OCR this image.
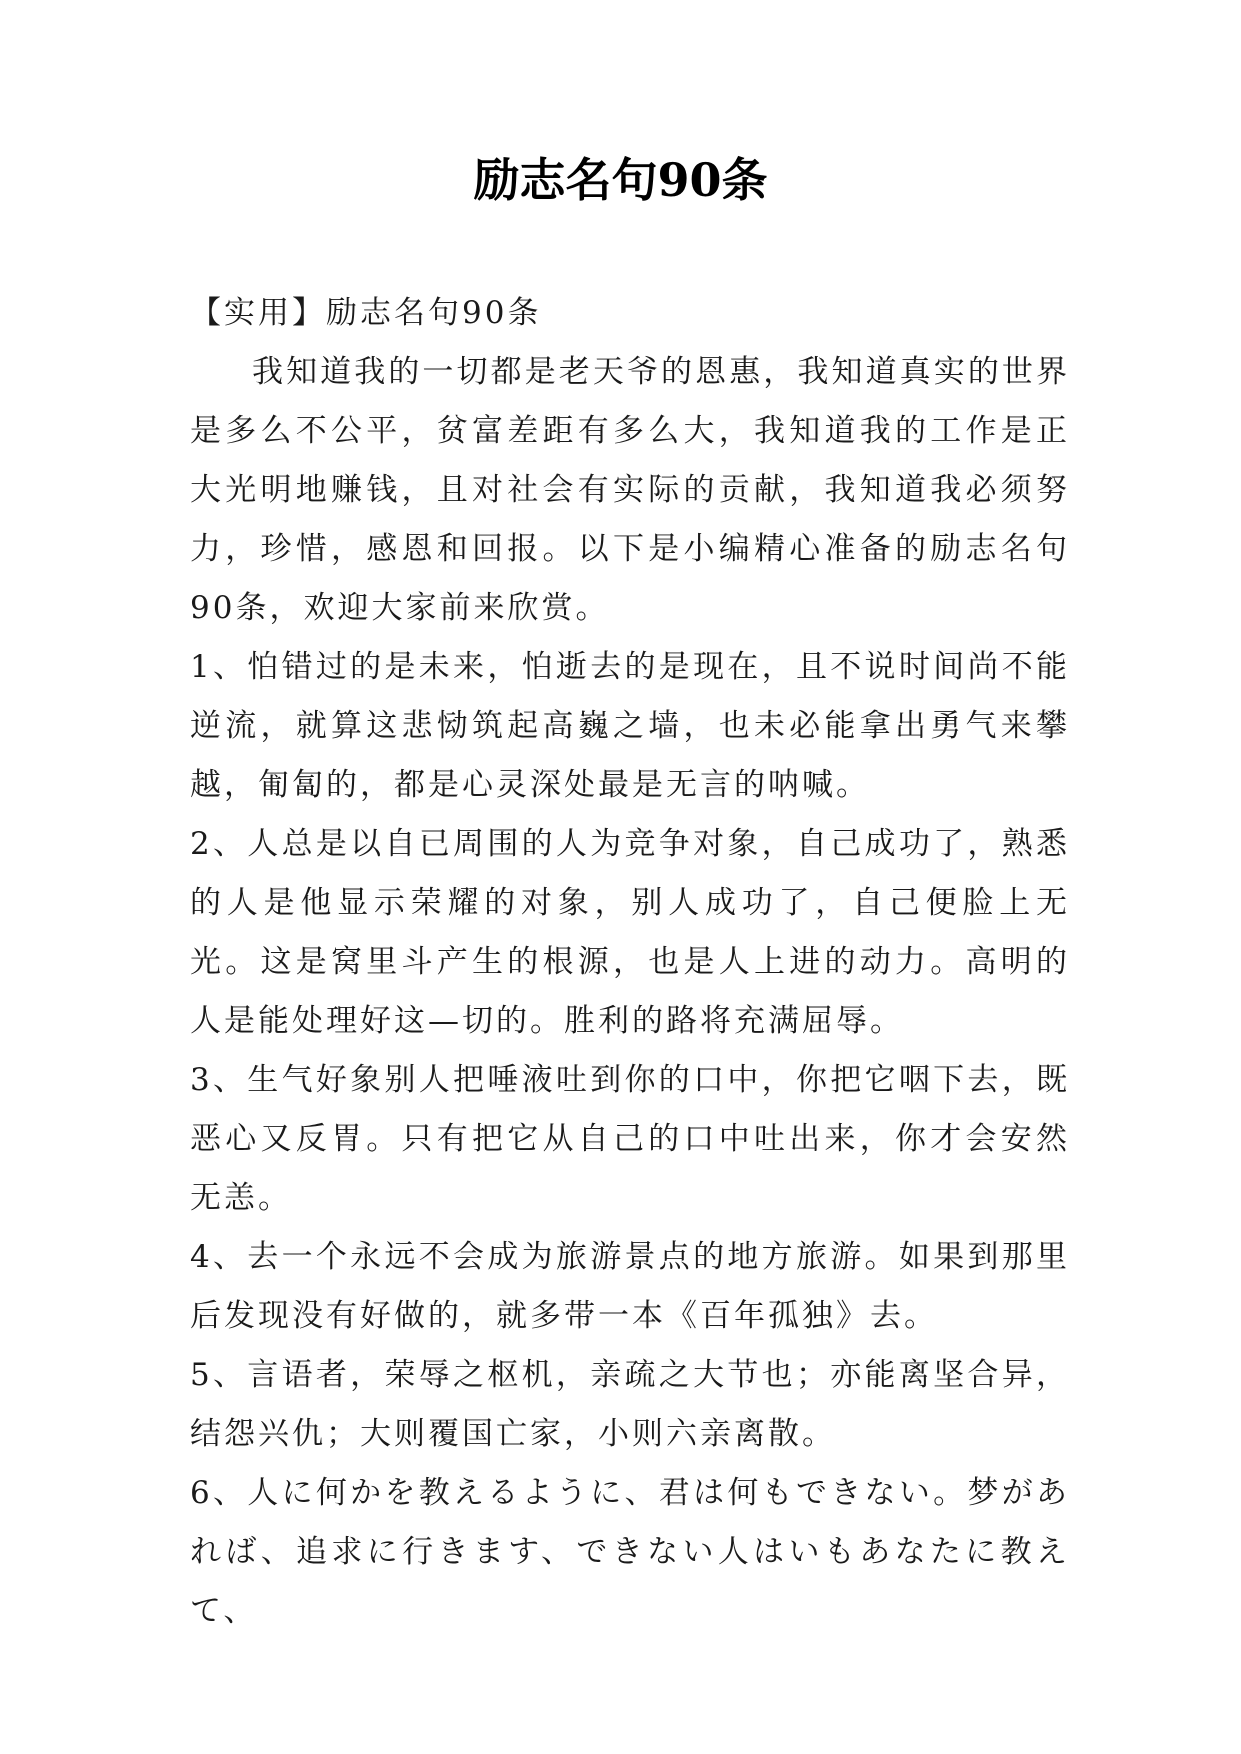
励志名句90条

【实用】励志名句90条

我知道我的一切都是老天爷的恩惠，我知道真实的世界是多么不公平，贫富差距有多么大，我知道我的工作是正大光明地赚钱，且对社会有实际的贡献，我知道我必须努力，珍惜，感恩和回报。以下是小编精心准备的励志名句90条，欢迎大家前来欣赏。

1、怕错过的是未来，怕逝去的是现在，且不说时间尚不能逆流，就算这悲恸筑起高巍之墙，也未必能拿出勇气来攀越，匍匐的，都是心灵深处最是无言的呐喊。

2、人总是以自已周围的人为竞争对象，自己成功了，熟悉的人是他显示荣耀的对象，别人成功了，自己便脸上无光。这是窝里斗产生的根源，也是人上进的动力。高明的人是能处理好这—切的。胜利的路将充满屈辱。

3、生气好象别人把唾液吐到你的口中，你把它咽下去，既恶心又反胃。只有把它从自己的口中吐出来，你才会安然无恙。

4、去一个永远不会成为旅游景点的地方旅游。如果到那里后发现没有好做的，就多带一本《百年孤独》去。

5、言语者，荣辱之枢机，亲疏之大节也；亦能离坚合异，结怨兴仇；大则覆国亡家，小则六亲离散。

6、人に何かを教えるように、君は何もできない。梦があれば、追求に行きます、できない人はいもあなたに教えて、
